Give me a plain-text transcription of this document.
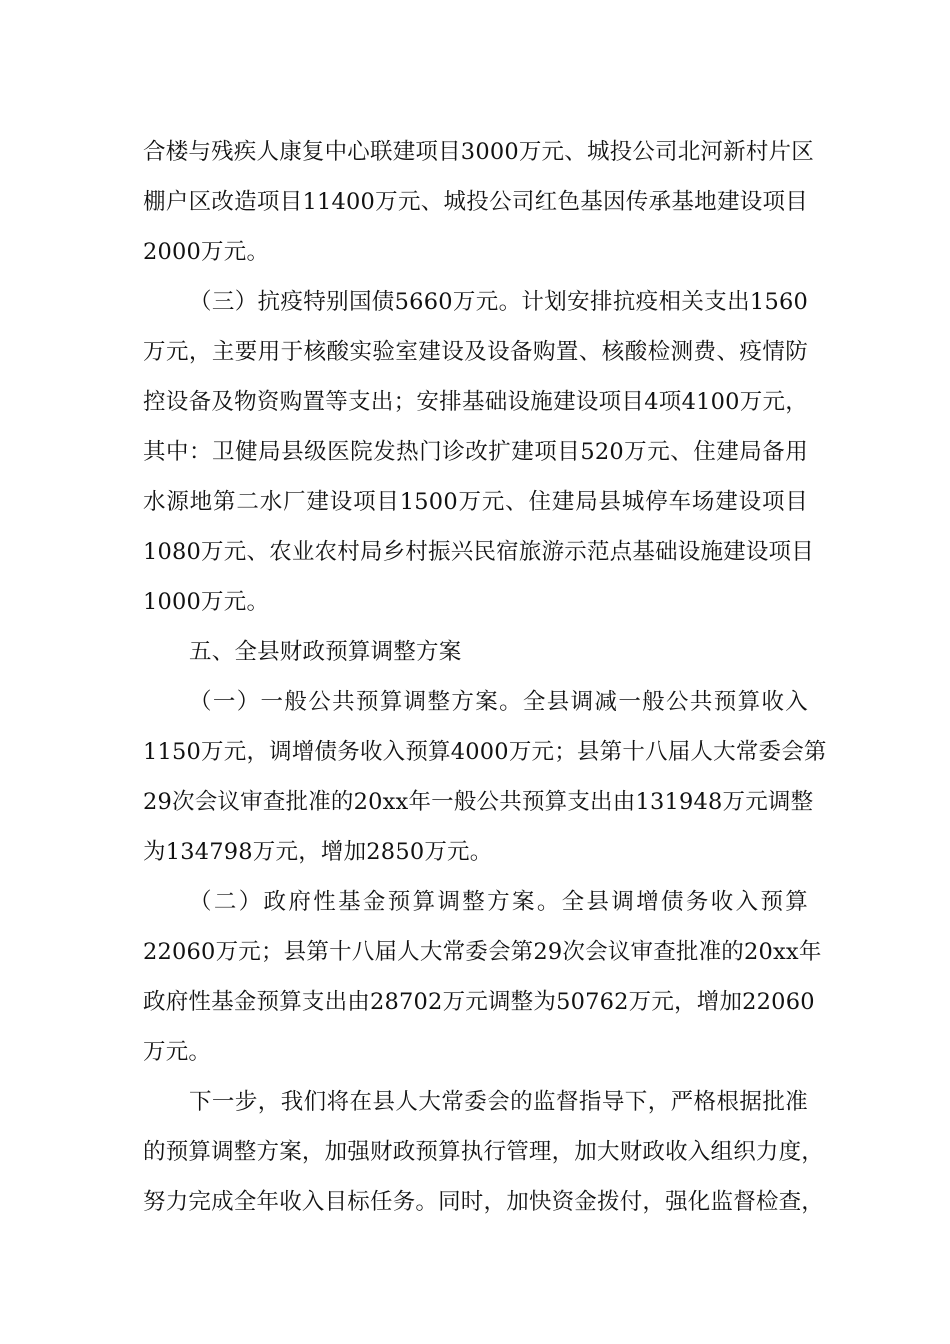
合楼与残疾人康复中心联建项目3000万元、城投公司北河新村片区
棚户区改造项目11400万元、城投公司红色基因传承基地建设项目
2000万元。
（三）抗疫特别国债5660万元。计划安排抗疫相关支出1560
万元，主要用于核酸实验室建设及设备购置、核酸检测费、疫情防
控设备及物资购置等支出；安排基础设施建设项目4项4100万元，
其中：卫健局县级医院发热门诊改扩建项目520万元、住建局备用
水源地第二水厂建设项目1500万元、住建局县城停车场建设项目
1080万元、农业农村局乡村振兴民宿旅游示范点基础设施建设项目
1000万元。
五、全县财政预算调整方案
（一）一般公共预算调整方案。全县调减一般公共预算收入
1150万元，调增债务收入预算4000万元；县第十八届人大常委会第
29次会议审查批准的20xx年一般公共预算支出由131948万元调整
为134798万元，增加2850万元。
（二）政府性基金预算调整方案。全县调增债务收入预算
22060万元；县第十八届人大常委会第29次会议审查批准的20xx年
政府性基金预算支出由28702万元调整为50762万元，增加22060
万元。
下一步，我们将在县人大常委会的监督指导下，严格根据批准
的预算调整方案，加强财政预算执行管理，加大财政收入组织力度，
努力完成全年收入目标任务。同时，加快资金拨付，强化监督检查，
